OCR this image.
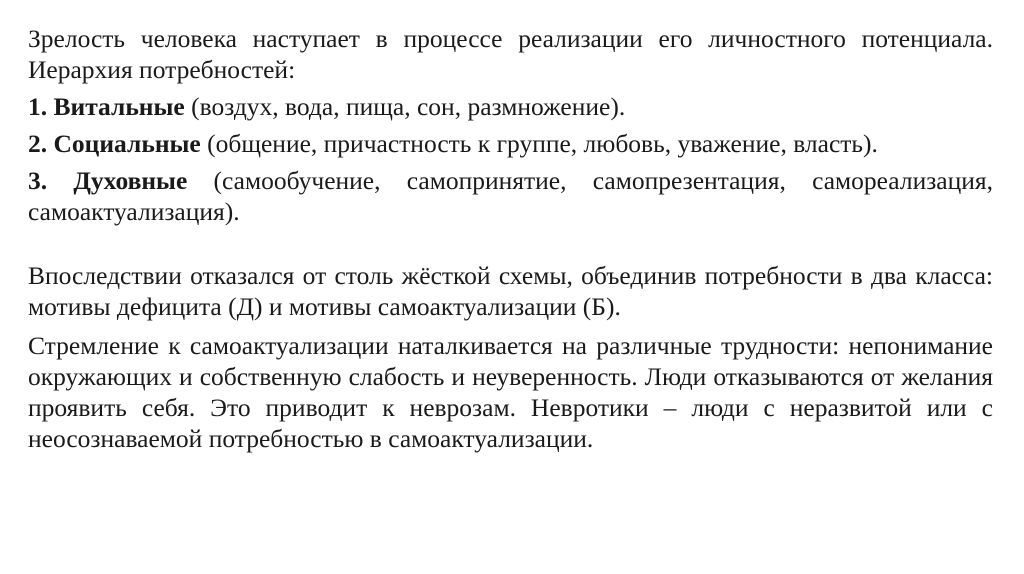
Зрелость человека наступает в процессе реализации его личностного потенциала. Иерархия потребностей:

1. Витальные (воздух, вода, пища, сон, размножение).

2. Социальные (общение, причастность к группе, любовь, уважение, власть).

3. Духовные (самообучение, самопринятие, самопрезентация, самореализация, самоактуализация).

Впоследствии отказался от столь жёсткой схемы, объединив потребности в два класса: мотивы дефицита (Д) и мотивы самоактуализации (Б).

Стремление к самоактуализации наталкивается на различные трудности: непонимание окружающих и собственную слабость и неуверенность. Люди отказываются от желания проявить себя. Это приводит к неврозам. Невротики – люди с неразвитой или с неосознаваемой потребностью в самоактуализации.
